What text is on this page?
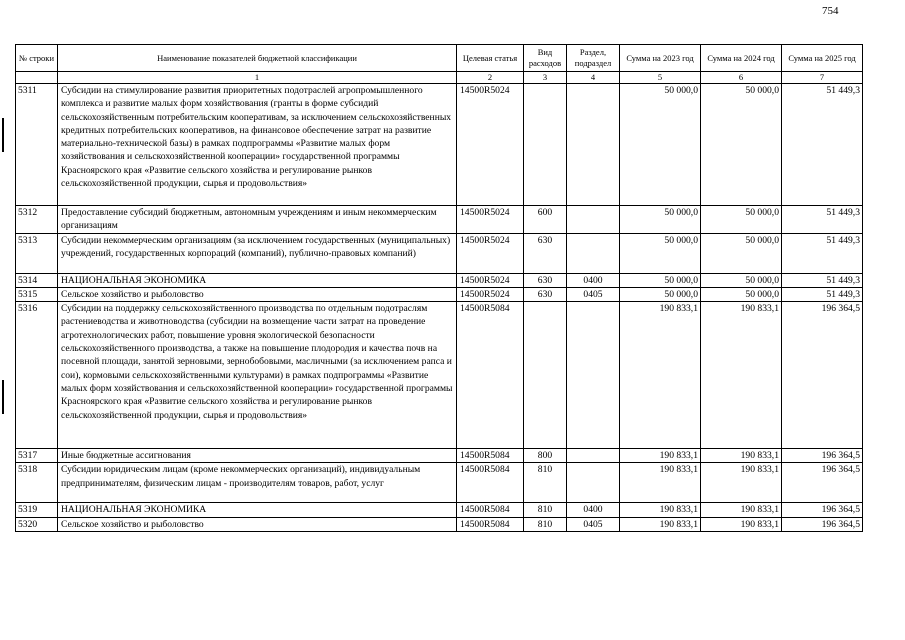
754
№ строки	Наименование показателей бюджетной классификации	Целевая статья	Вид расходов	Раздел, подраздел	Сумма на 2023 год	Сумма на 2024 год	Сумма на 2025 год
	1	2	3	4	5	6	7
5311	Субсидии на стимулирование развития приоритетных подотраслей агропромышленного комплекса и развитие малых форм хозяйствования (гранты в форме субсидий сельскохозяйственным потребительским кооперативам, за исключением сельскохозяйственных кредитных потребительских кооперативов, на финансовое обеспечение затрат на развитие материально-технической базы) в рамках подпрограммы «Развитие малых форм хозяйствования и сельскохозяйственной кооперации» государственной программы Красноярского края «Развитие сельского хозяйства и регулирование рынков сельскохозяйственной продукции, сырья и продовольствия»	14500R5024			50 000,0	50 000,0	51 449,3
5312	Предоставление субсидий бюджетным, автономным учреждениям и иным некоммерческим организациям	14500R5024	600		50 000,0	50 000,0	51 449,3
5313	Субсидии некоммерческим организациям (за исключением государственных (муниципальных) учреждений, государственных корпораций (компаний), публично-правовых компаний)	14500R5024	630		50 000,0	50 000,0	51 449,3
5314	НАЦИОНАЛЬНАЯ ЭКОНОМИКА	14500R5024	630	0400	50 000,0	50 000,0	51 449,3
5315	Сельское хозяйство и рыболовство	14500R5024	630	0405	50 000,0	50 000,0	51 449,3
5316	Субсидии на поддержку сельскохозяйственного производства по отдельным подотраслям растениеводства и животноводства (субсидии на возмещение части затрат на проведение агротехнологических работ, повышение уровня экологической безопасности сельскохозяйственного производства, а также на повышение плодородия и качества почв на посевной площади, занятой зерновыми, зернобобовыми, масличными (за исключением рапса и сои), кормовыми сельскохозяйственными культурами) в рамках подпрограммы «Развитие малых форм хозяйствования и сельскохозяйственной кооперации» государственной программы Красноярского края «Развитие сельского хозяйства и регулирование рынков сельскохозяйственной продукции, сырья и продовольствия»	14500R5084			190 833,1	190 833,1	196 364,5
5317	Иные бюджетные ассигнования	14500R5084	800		190 833,1	190 833,1	196 364,5
5318	Субсидии юридическим лицам (кроме некоммерческих организаций), индивидуальным предпринимателям, физическим лицам - производителям товаров, работ, услуг	14500R5084	810		190 833,1	190 833,1	196 364,5
5319	НАЦИОНАЛЬНАЯ ЭКОНОМИКА	14500R5084	810	0400	190 833,1	190 833,1	196 364,5
5320	Сельское хозяйство и рыболовство	14500R5084	810	0405	190 833,1	190 833,1	196 364,5
